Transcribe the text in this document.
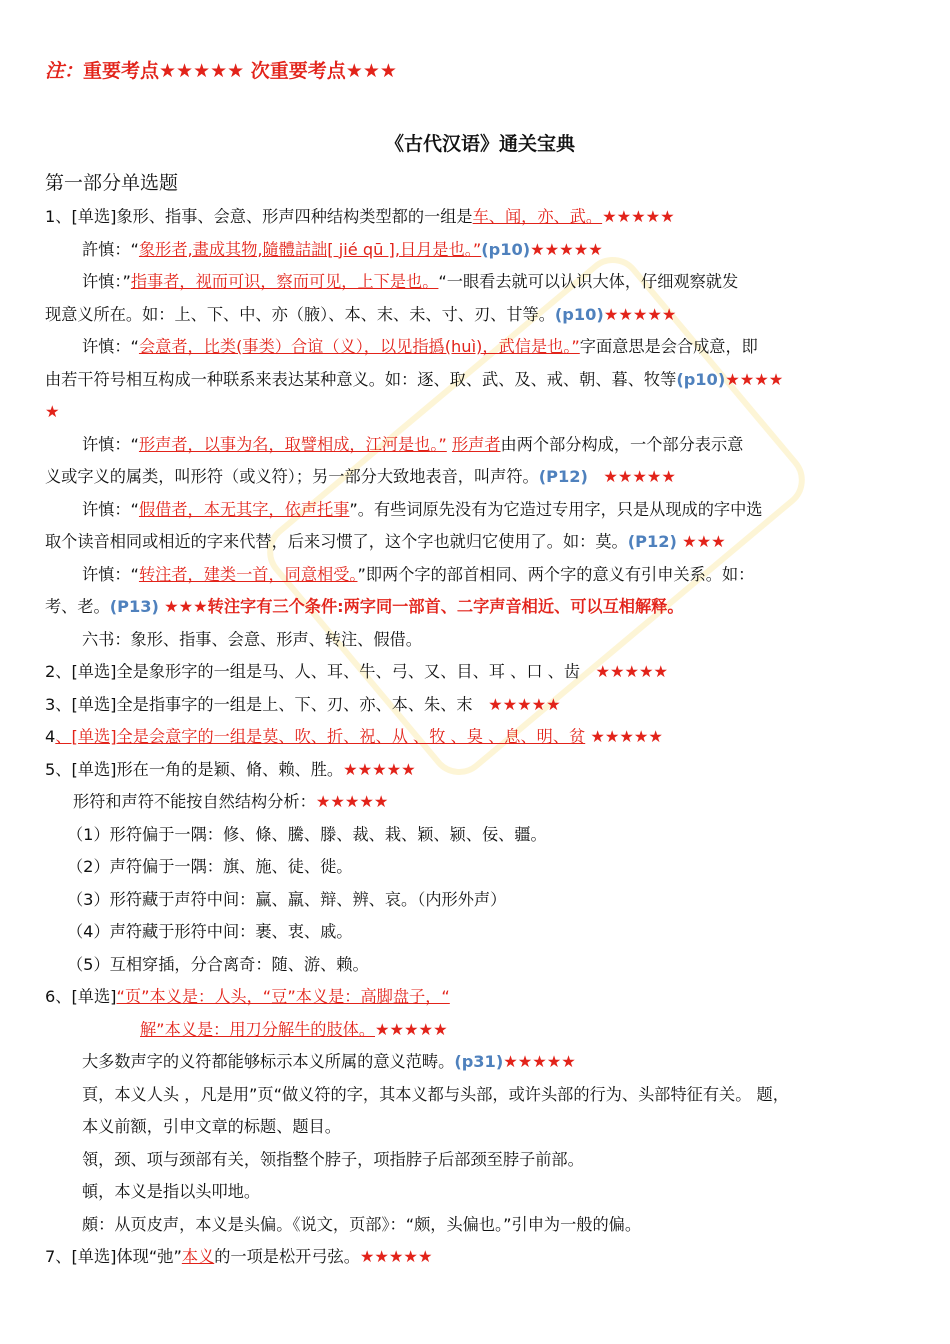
注：重要考点★★★★★ 次重要考点★★★
《古代汉语》通关宝典
第一部分单选题

1、[单选]象形、指事、会意、形声四种结构类型都的一组是车、闻，亦、武。★★★★★

許慎：“象形者,畫成其物,隨體詰詘[ jié qū ],日月是也。”(p10)★★★★★

许慎：”指事者，视而可识，察而可见，上下是也。“一眼看去就可以认识大体，仔细观察就发

现意义所在。如：上、下、中、亦（腋）、本、末、未、寸、刃、甘等。(p10)★★★★★

许慎：“会意者，比类(事类）合谊（义），以见指撝(huì)，武信是也。”字面意思是会合成意，即

由若干符号相互构成一种联系来表达某种意义。如：逐、取、武、及、戒、朝、暮、牧等(p10)★★★★

★

许慎：“形声者，以事为名，取譬相成，江河是也。” 形声者由两个部分构成，一个部分表示意

义或字义的属类，叫形符（或义符）；另一部分大致地表音，叫声符。(P12) ★★★★★

许慎：“假借者，本无其字，依声托事”。有些词原先没有为它造过专用字，只是从现成的字中选

取个读音相同或相近的字来代替，后来习惯了，这个字也就归它使用了。如：莫。(P12) ★★★

许慎：“转注者，建类一首，同意相受。”即两个字的部首相同、两个字的意义有引申关系。如：

考、老。(P13) ★★★转注字有三个条件:两字同一部首、二字声音相近、可以互相解释。

六书：象形、指事、会意、形声、转注、假借。

2、[单选]全是象形字的一组是马、人、耳、牛、弓、又、目、耳 、口 、齿 ★★★★★

3、[单选]全是指事字的一组是上、下、刃、亦、本、朱、末 ★★★★★

4、[单选]全是会意字的一组是莫、吹、折、祝、从 、牧 、臭 、息、明、贫 ★★★★★

5、[单选]形在一角的是颖、脩、赖、胜。★★★★★

形符和声符不能按自然结构分析：★★★★★

（1）形符偏于一隅：修、條、騰、滕、裁、栽、颖、颍、佞、疆。

（2）声符偏于一隅：旗、施、徒、徙。

（3）形符藏于声符中间：赢、羸、辩、辨、哀。（内形外声）

（4）声符藏于形符中间：裹、衷、戚。

（5）互相穿插，分合离奇：随、游、赖。

6、[单选]“页”本义是：人头，“豆”本义是：高脚盘子，“

解”本义是：用刀分解牛的肢体。★★★★★

大多数声字的义符都能够标示本义所属的意义范畴。(p31)★★★★★

頁，本义人头 ，凡是用”页“做义符的字，其本义都与头部，或许头部的行为、头部特征有关。 题，

本义前额，引申文章的标题、题目。

領，颈、项与颈部有关，领指整个脖子，项指脖子后部颈至脖子前部。

頓，本义是指以头叩地。

頗：从页皮声，本义是头偏。《说文，页部》：“颇，头偏也。”引申为一般的偏。

7、[单选]体现“弛”本义的一项是松开弓弦。★★★★★
